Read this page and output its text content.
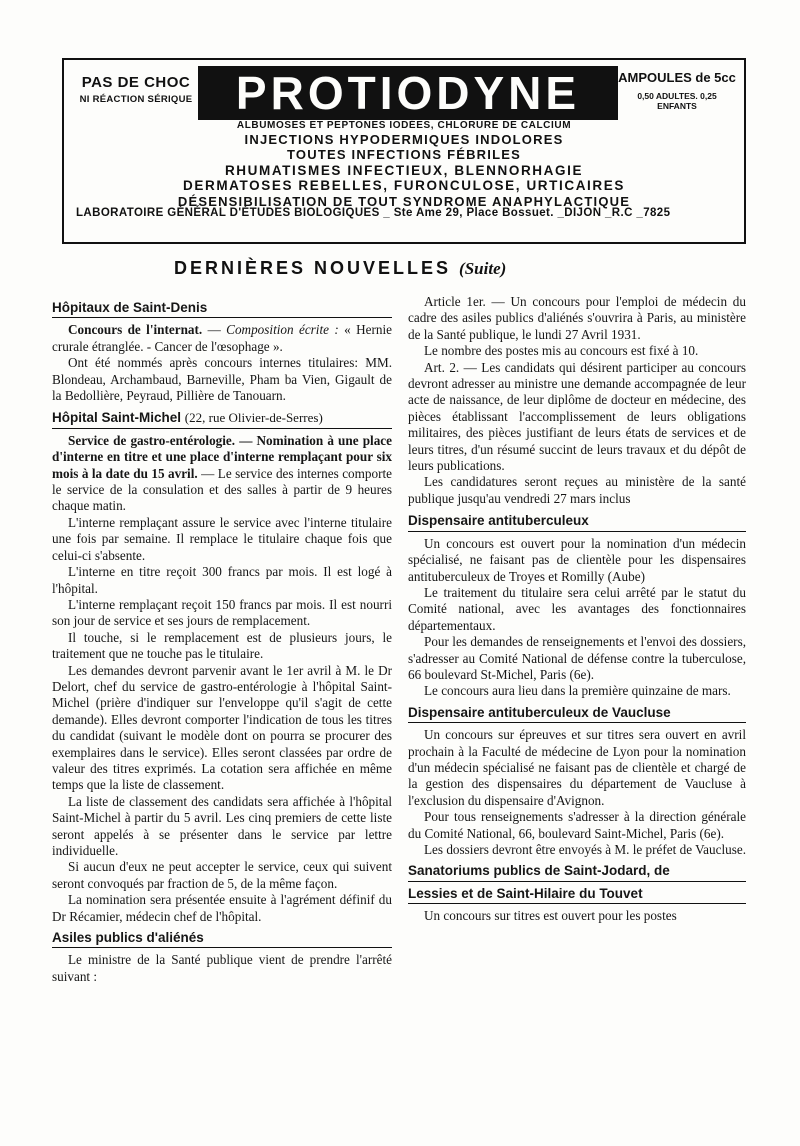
PAS DE CHOC
NI RÉACTION SÉRIQUE PROTIODYNE	AMPOULES de 5cc
0,50 ADULTES. 0,25 ENFANTS
ALBUMOSES ET PEPTONES IODÉES, CHLORURE DE CALCIUM
INJECTIONS HYPODERMIQUES INDOLORES
TOUTES INFECTIONS FÉBRILES
RHUMATISMES INFECTIEUX, BLENNORHAGIE
DERMATOSES REBELLES, FURONCULOSE, URTICAIRES
DÉSENSIBILISATION DE TOUT SYNDROME ANAPHYLACTIQUE
LABORATOIRE GÉNÉRAL D'ÉTUDES BIOLOGIQUES _ Ste Ame 29, Place Bossuet. _DIJON _R.C _7825
DERNIÈRES NOUVELLES (Suite)
Hôpitaux de Saint-Denis

Concours de l'internat. — Composition écrite : « Hernie crurale étranglée. - Cancer de l'œsophage ».

Ont été nommés après concours internes titulaires: MM. Blondeau, Archambaud, Barneville, Pham ba Vien, Gigault de la Bedollière, Peyraud, Pillière de Tanouarn.

Hôpital Saint-Michel (22, rue Olivier-de-Serres)

Service de gastro-entérologie. — Nomination à une place d'interne en titre et une place d'interne remplaçant pour six mois à la date du 15 avril. — Le service des internes comporte le service de la consulation et des salles à partir de 9 heures chaque matin.

L'interne remplaçant assure le service avec l'interne titulaire une fois par semaine. Il remplace le titulaire chaque fois que celui-ci s'absente.

L'interne en titre reçoit 300 francs par mois. Il est logé à l'hôpital.

L'interne remplaçant reçoit 150 francs par mois. Il est nourri son jour de service et ses jours de remplacement.

Il touche, si le remplacement est de plusieurs jours, le traitement que ne touche pas le titulaire.

Les demandes devront parvenir avant le 1er avril à M. le Dr Delort, chef du service de gastro-entérologie à l'hôpital Saint-Michel (prière d'indiquer sur l'enveloppe qu'il s'agit de cette demande). Elles devront comporter l'indication de tous les titres du candidat (suivant le modèle dont on pourra se procurer des exemplaires dans le service). Elles seront classées par ordre de valeur des titres exprimés. La cotation sera affichée en même temps que la liste de classement.

La liste de classement des candidats sera affichée à l'hôpital Saint-Michel à partir du 5 avril. Les cinq premiers de cette liste seront appelés à se présenter dans le service par lettre individuelle.

Si aucun d'eux ne peut accepter le service, ceux qui suivent seront convoqués par fraction de 5, de la même façon.

La nomination sera présentée ensuite à l'agrément définif du Dr Récamier, médecin chef de l'hôpital.

Asiles publics d'aliénés

Le ministre de la Santé publique vient de prendre l'arrêté suivant :

Article 1er. — Un concours pour l'emploi de médecin du cadre des asiles publics d'aliénés s'ouvrira à Paris, au ministère de la Santé publique, le lundi 27 Avril 1931.

Le nombre des postes mis au concours est fixé à 10.

Art. 2. — Les candidats qui désirent participer au concours devront adresser au ministre une demande accompagnée de leur acte de naissance, de leur diplôme de docteur en médecine, des pièces établissant l'accomplissement de leurs obligations militaires, des pièces justifiant de leurs états de services et de leurs titres, d'un résumé succint de leurs travaux et du dépôt de leurs publications.

Les candidatures seront reçues au ministère de la santé publique jusqu'au vendredi 27 mars inclus

Dispensaire antituberculeux

Un concours est ouvert pour la nomination d'un médecin spécialisé, ne faisant pas de clientèle pour les dispensaires antituberculeux de Troyes et Romilly (Aube)

Le traitement du titulaire sera celui arrêté par le statut du Comité national, avec les avantages des fonctionnaires départementaux.

Pour les demandes de renseignements et l'envoi des dossiers, s'adresser au Comité National de défense contre la tuberculose, 66 boulevard St-Michel, Paris (6e).

Le concours aura lieu dans la première quinzaine de mars.

Dispensaire antituberculeux de Vaucluse

Un concours sur épreuves et sur titres sera ouvert en avril prochain à la Faculté de médecine de Lyon pour la nomination d'un médecin spécialisé ne faisant pas de clientèle et chargé de la gestion des dispensaires du département de Vaucluse à l'exclusion du dispensaire d'Avignon.

Pour tous renseignements s'adresser à la direction générale du Comité National, 66, boulevard Saint-Michel, Paris (6e).

Les dossiers devront être envoyés à M. le préfet de Vaucluse.

Sanatoriums publics de Saint-Jodard, de
Lessies et de Saint-Hilaire du Touvet

Un concours sur titres est ouvert pour les postes
